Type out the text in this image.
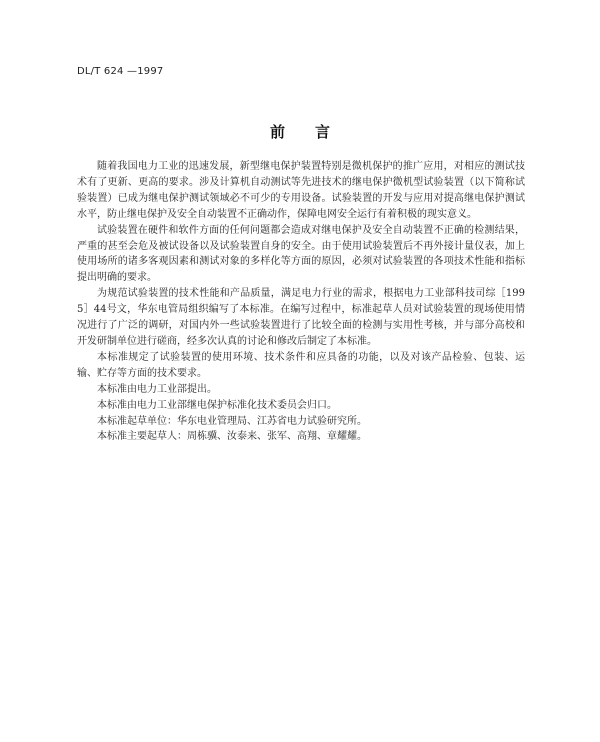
DL/T 624 —1997
前言

随着我国电力工业的迅速发展，新型继电保护装置特别是微机保护的推广应用，对相应的测试技术有了更新、更高的要求。涉及计算机自动测试等先进技术的继电保护微机型试验装置（以下简称试验装置）已成为继电保护测试领域必不可少的专用设备。试验装置的开发与应用对提高继电保护测试水平，防止继电保护及安全自动装置不正确动作，保障电网安全运行有着积极的现实意义。

试验装置在硬件和软件方面的任何问题都会造成对继电保护及安全自动装置不正确的检测结果，严重的甚至会危及被试设备以及试验装置自身的安全。由于使用试验装置后不再外接计量仪表，加上使用场所的诸多客观因素和测试对象的多样化等方面的原因，必须对试验装置的各项技术性能和指标提出明确的要求。

为规范试验装置的技术性能和产品质量，满足电力行业的需求，根据电力工业部科技司综［1995］44号文，华东电管局组织编写了本标准。在编写过程中，标准起草人员对试验装置的现场使用情况进行了广泛的调研，对国内外一些试验装置进行了比较全面的检测与实用性考核，并与部分高校和开发研制单位进行磋商，经多次认真的讨论和修改后制定了本标准。

本标准规定了试验装置的使用环境、技术条件和应具备的功能，以及对该产品检验、包装、运输、贮存等方面的技术要求。

本标准由电力工业部提出。

本标准由电力工业部继电保护标准化技术委员会归口。

本标准起草单位：华东电业管理局、江苏省电力试验研究所。

本标准主要起草人：周栋骥、汝泰来、张军、高翔、章耀耀。
